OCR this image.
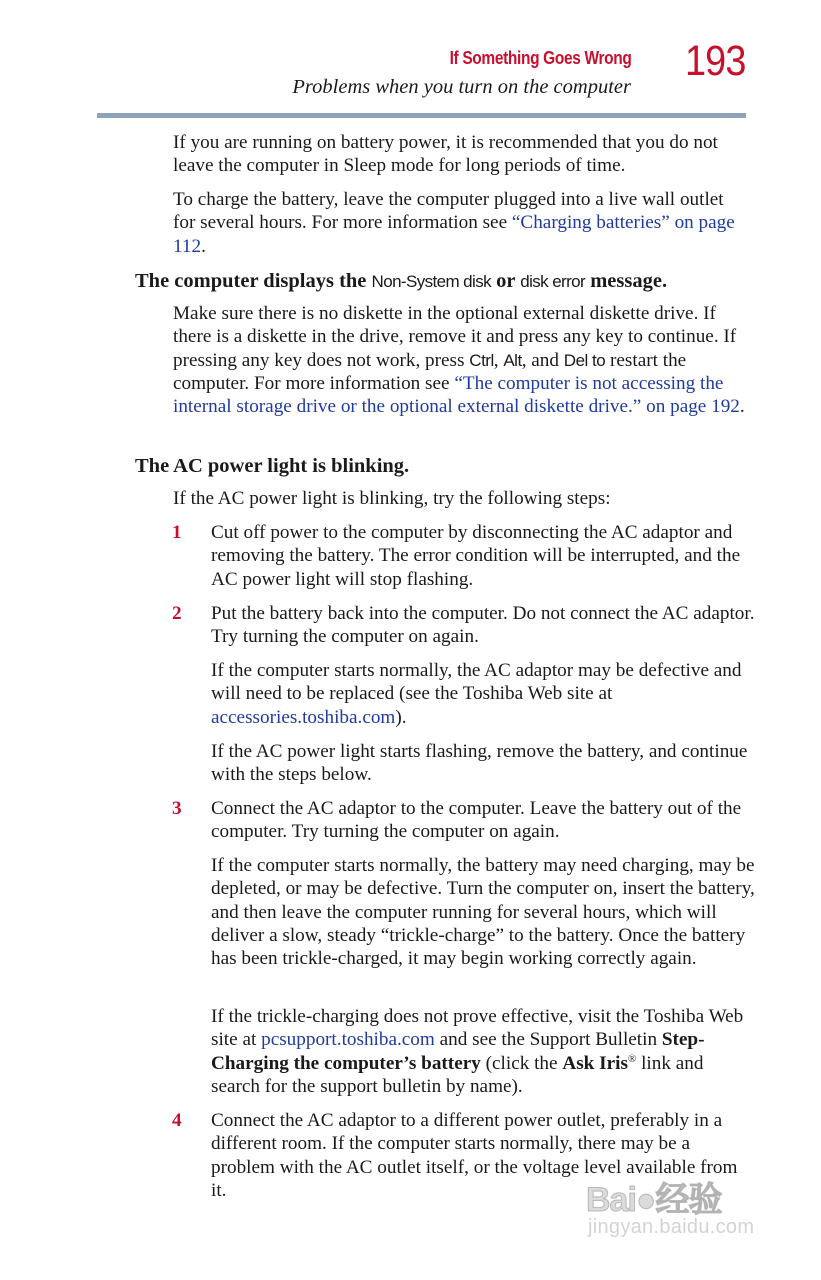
If Something Goes Wrong
Problems when you turn on the computer
193

If you are running on battery power, it is recommended that you do not leave the computer in Sleep mode for long periods of time.

To charge the battery, leave the computer plugged into a live wall outlet for several hours. For more information see “Charging batteries” on page 112.

The computer displays the Non-System disk or disk error message.

Make sure there is no diskette in the optional external diskette drive. If there is a diskette in the drive, remove it and press any key to continue. If pressing any key does not work, press Ctrl, Alt, and Del to restart the computer. For more information see “The computer is not accessing the internal storage drive or the optional external diskette drive.” on page 192.

The AC power light is blinking.

If the AC power light is blinking, try the following steps:

1 Cut off power to the computer by disconnecting the AC adaptor and removing the battery. The error condition will be interrupted, and the AC power light will stop flashing.

2 Put the battery back into the computer. Do not connect the AC adaptor. Try turning the computer on again.

If the computer starts normally, the AC adaptor may be defective and will need to be replaced (see the Toshiba Web site at accessories.toshiba.com).

If the AC power light starts flashing, remove the battery, and continue with the steps below.

3 Connect the AC adaptor to the computer. Leave the battery out of the computer. Try turning the computer on again.

If the computer starts normally, the battery may need charging, may be depleted, or may be defective. Turn the computer on, insert the battery, and then leave the computer running for several hours, which will deliver a slow, steady “trickle-charge” to the battery. Once the battery has been trickle-charged, it may begin working correctly again.

If the trickle-charging does not prove effective, visit the Toshiba Web site at pcsupport.toshiba.com and see the Support Bulletin Step-Charging the computer’s battery (click the Ask Iris® link and search for the support bulletin by name).

4 Connect the AC adaptor to a different power outlet, preferably in a different room. If the computer starts normally, there may be a problem with the AC outlet itself, or the voltage level available from it.	Bai●经验
jingyan.baidu.com
